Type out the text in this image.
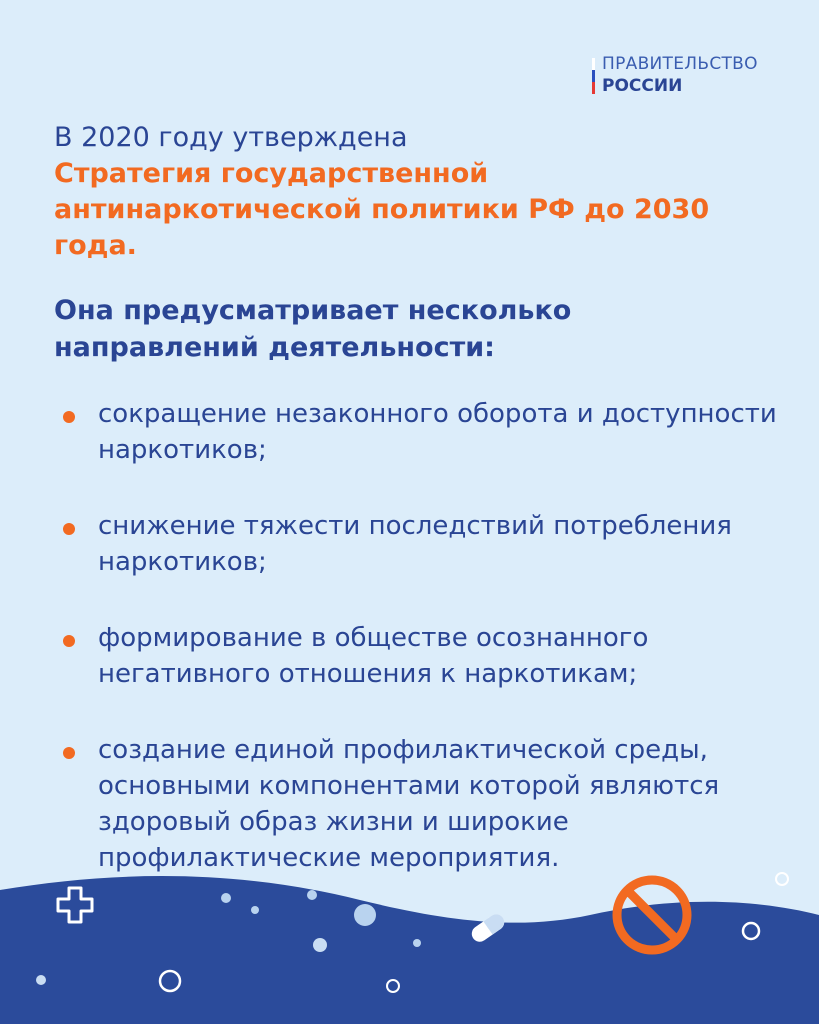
ПРАВИТЕЛЬСТВО
РОССИИ
В 2020 году утверждена
Стратегия государственной антинаркотической политики РФ до 2030 года.
Она предусматривает несколько направлений деятельности:
сокращение незаконного оборота и доступности наркотиков;
снижение тяжести последствий потребления наркотиков;
формирование в обществе осознанного негативного отношения к наркотикам;
создание единой профилактической среды, основными компонентами которой являются здоровый образ жизни и широкие профилактические мероприятия.
